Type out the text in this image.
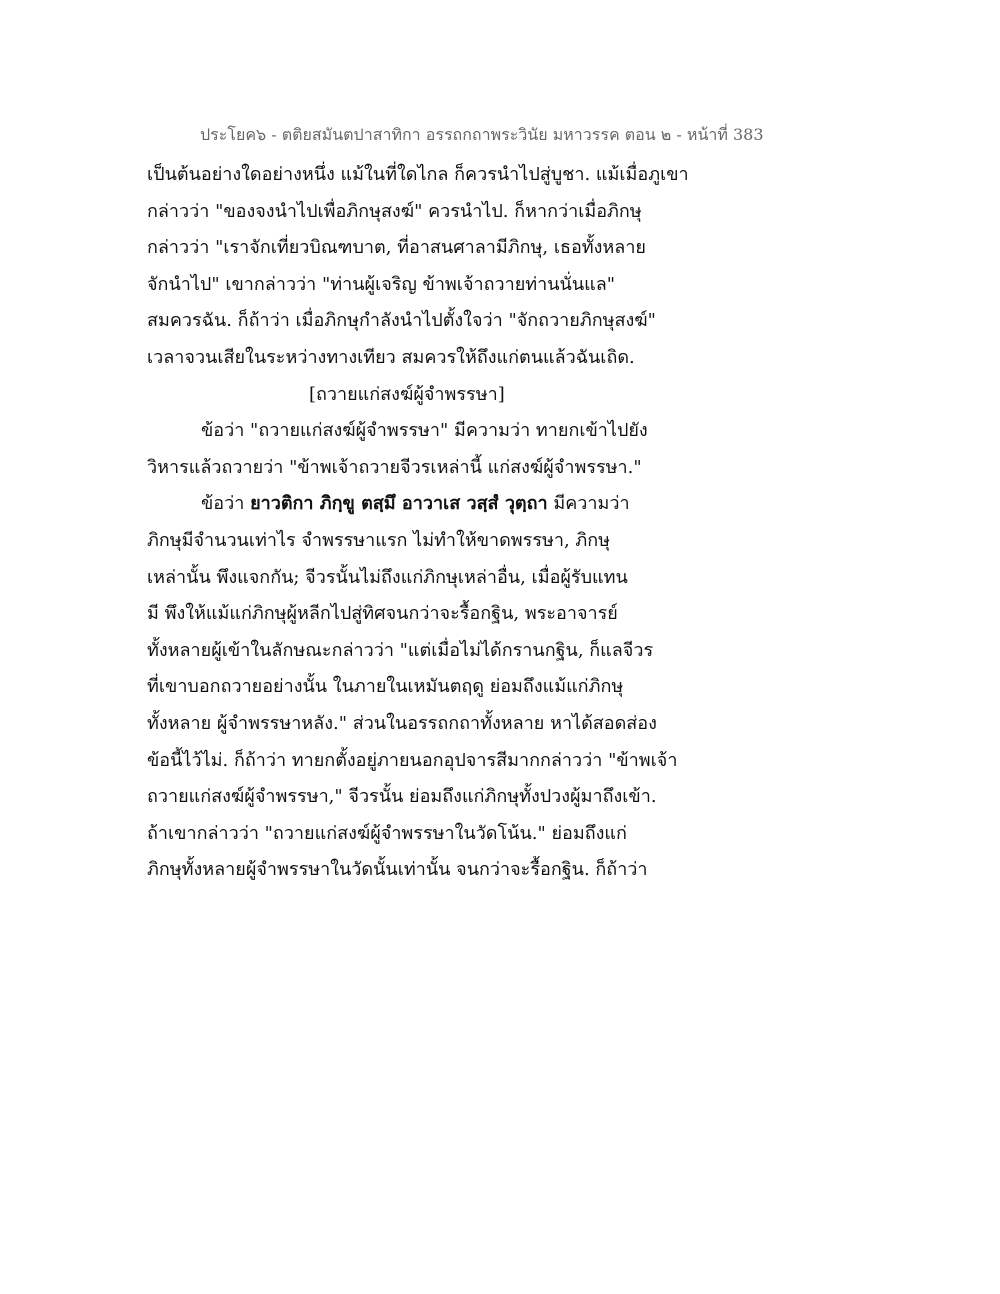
ประโยค๖ - ตติยสมันตปาสาทิกา อรรถกถาพระวินัย มหาวรรค ตอน ๒ - หน้าที่ 383
เป็นต้นอย่างใดอย่างหนึ่ง แม้ในที่ใดไกล ก็ควรนำไปสู่บูชา. แม้เมื่อภูเขา
กล่าวว่า "ของจงนำไปเพื่อภิกษุสงฆ์" ควรนำไป. ก็หากว่าเมื่อภิกษุ
กล่าวว่า "เราจักเที่ยวบิณฑบาต, ที่อาสนศาลามีภิกษุ, เธอทั้งหลาย
จักนำไป" เขากล่าวว่า "ท่านผู้เจริญ ข้าพเจ้าถวายท่านนั่นแล"
สมควรฉัน. ก็ถ้าว่า เมื่อภิกษุกำลังนำไปตั้งใจว่า "จักถวายภิกษุสงฆ์"
เวลาจวนเสียในระหว่างทางเทียว สมควรให้ถึงแก่ตนแล้วฉันเถิด.
[ถวายแก่สงฆ์ผู้จำพรรษา]
ข้อว่า "ถวายแก่สงฆ์ผู้จำพรรษา" มีความว่า ทายกเข้าไปยัง
วิหารแล้วถวายว่า "ข้าพเจ้าถวายจีวรเหล่านี้ แก่สงฆ์ผู้จำพรรษา."
ข้อว่า ยาวติกา ภิกฺขู ตสฺมึ อาวาเส วสฺสํ วุตฺถา มีความว่า
ภิกษุมีจำนวนเท่าไร จำพรรษาแรก ไม่ทำให้ขาดพรรษา, ภิกษุ
เหล่านั้น พึงแจกกัน; จีวรนั้นไม่ถึงแก่ภิกษุเหล่าอื่น, เมื่อผู้รับแทน
มี พึงให้แม้แก่ภิกษุผู้หลีกไปสู่ทิศจนกว่าจะรื้อกฐิน, พระอาจารย์
ทั้งหลายผู้เข้าในลักษณะกล่าวว่า "แต่เมื่อไม่ได้กรานกฐิน, ก็แลจีวร
ที่เขาบอกถวายอย่างนั้น ในภายในเหมันตฤดู ย่อมถึงแม้แก่ภิกษุ
ทั้งหลาย ผู้จำพรรษาหลัง." ส่วนในอรรถกถาทั้งหลาย หาได้สอดส่อง
ข้อนี้ไว้ไม่. ก็ถ้าว่า ทายกตั้งอยู่ภายนอกอุปจารสีมากกล่าวว่า "ข้าพเจ้า
ถวายแก่สงฆ์ผู้จำพรรษา," จีวรนั้น ย่อมถึงแก่ภิกษุทั้งปวงผู้มาถึงเข้า.
ถ้าเขากล่าวว่า "ถวายแก่สงฆ์ผู้จำพรรษาในวัดโน้น." ย่อมถึงแก่
ภิกษุทั้งหลายผู้จำพรรษาในวัดนั้นเท่านั้น จนกว่าจะรื้อกฐิน. ก็ถ้าว่า
